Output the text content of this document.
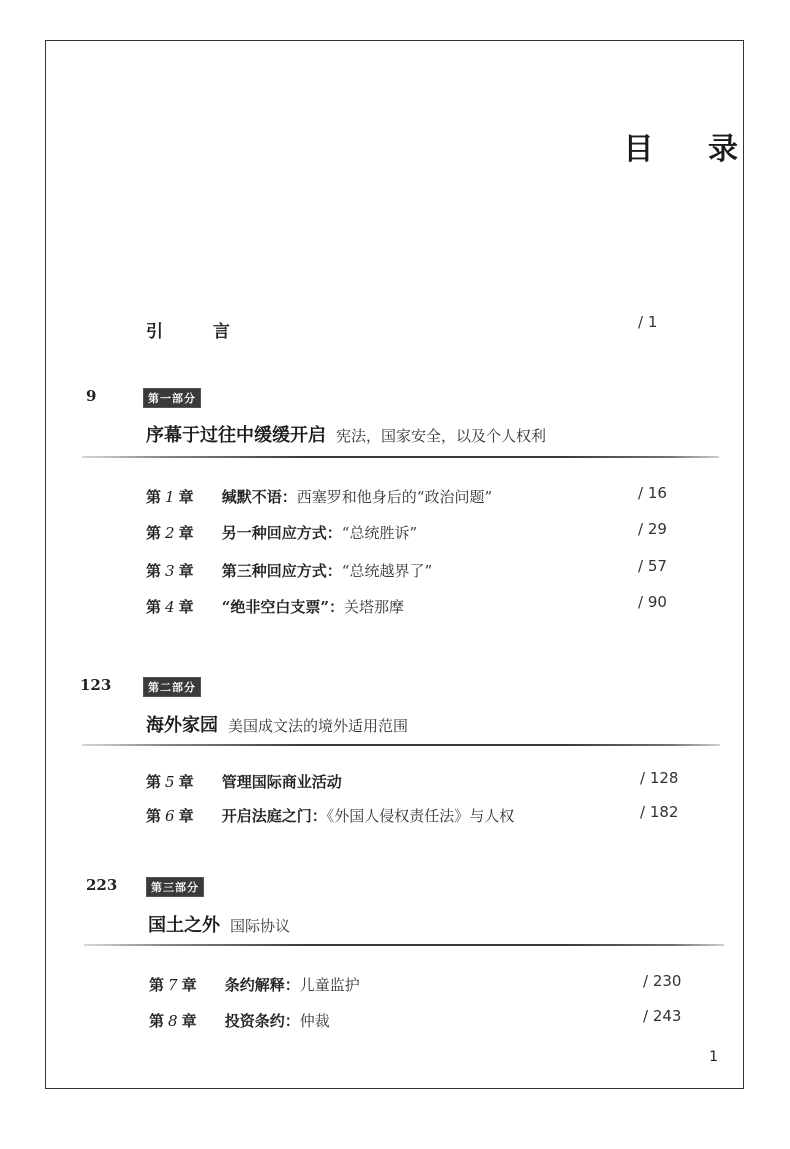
目 录
引 言	/ 1
9	第一部分
序幕于过往中缓缓开启 宪法，国家安全，以及个人权利
第 1 章 缄默不语：西塞罗和他身后的“政治问题”	/ 16
第 2 章 另一种回应方式：“总统胜诉”	/ 29
第 3 章 第三种回应方式：“总统越界了”	/ 57
第 4 章 “绝非空白支票”：关塔那摩	/ 90
123	第二部分
海外家园 美国成文法的境外适用范围
第 5 章 管理国际商业活动	/ 128
第 6 章 开启法庭之门：《外国人侵权责任法》与人权	/ 182
223	第三部分
国土之外 国际协议
第 7 章 条约解释：儿童监护	/ 230
第 8 章 投资条约：仲裁	/ 243
1
